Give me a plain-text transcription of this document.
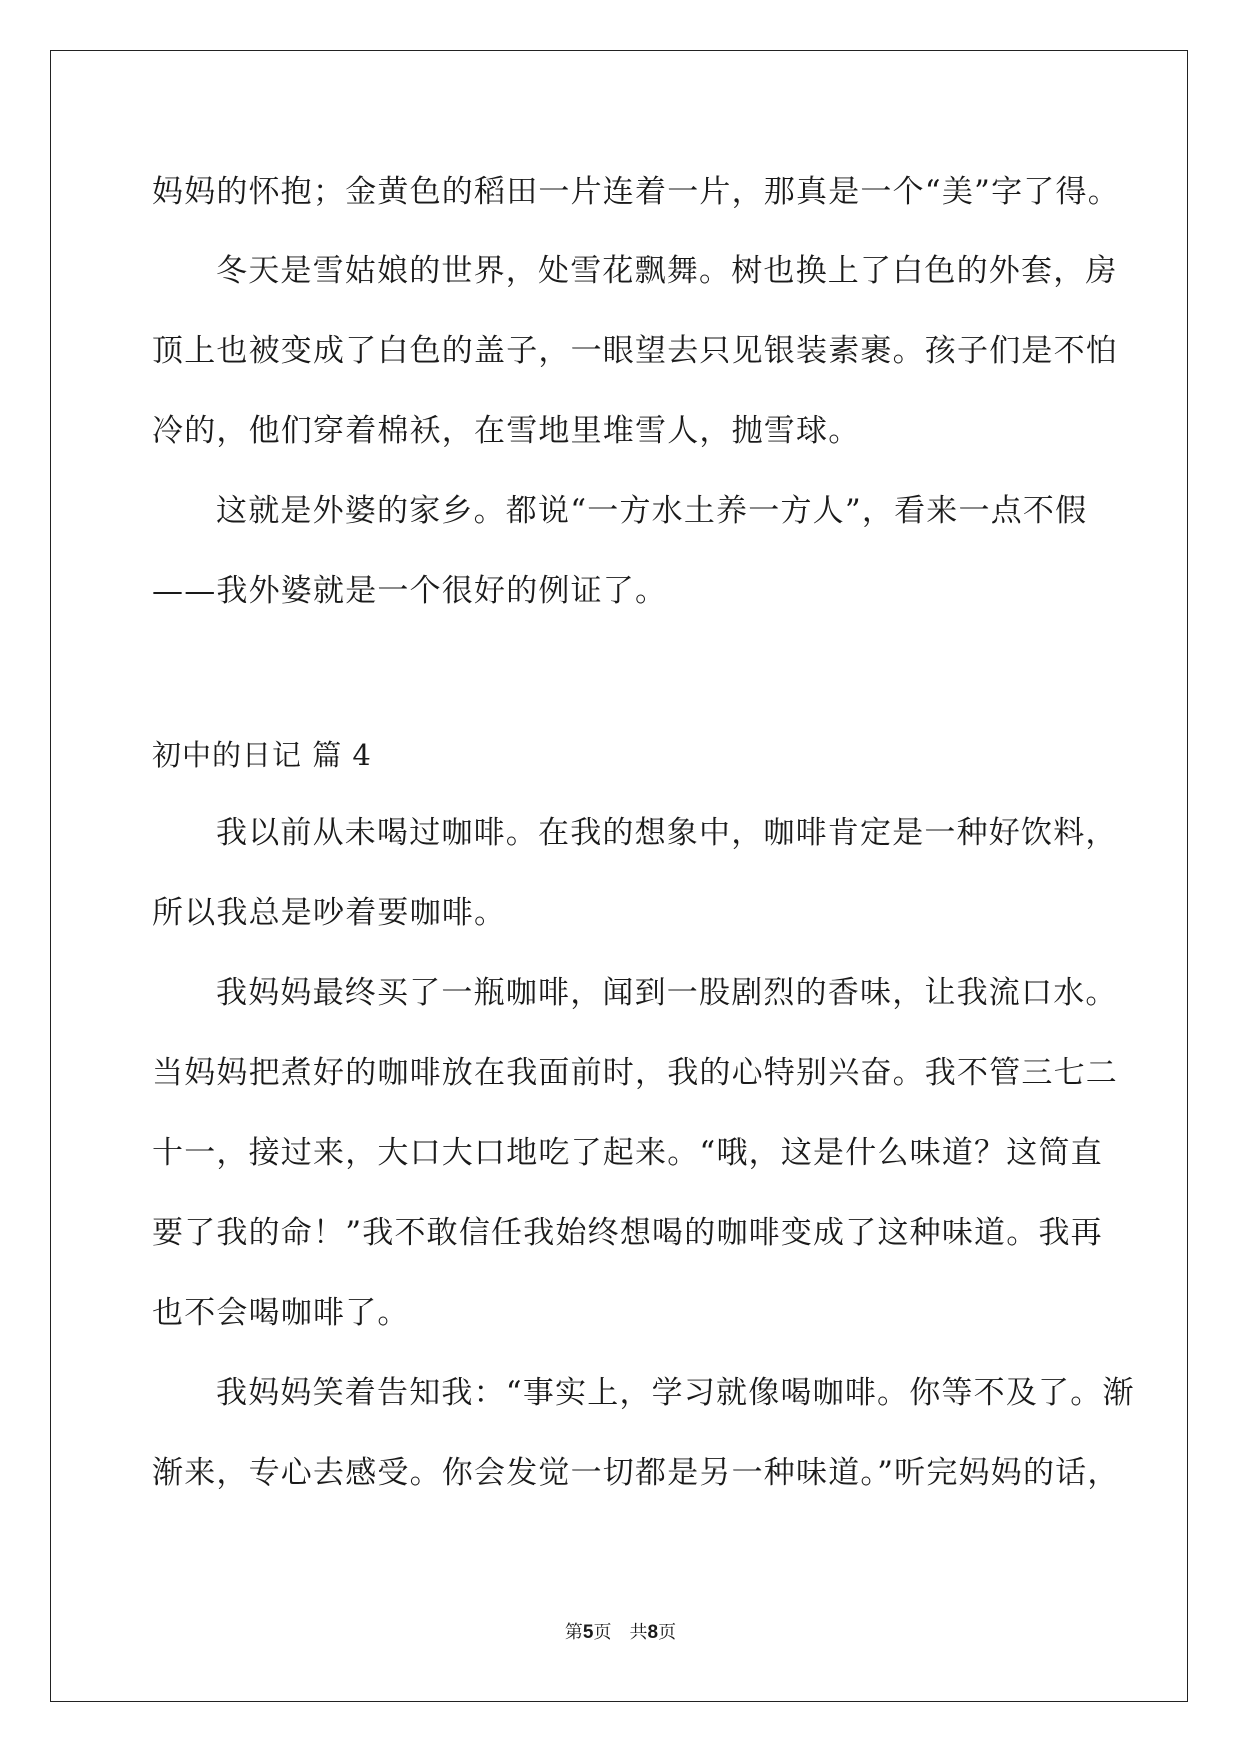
妈妈的怀抱；金黄色的稻田一片连着一片，那真是一个“美”字了得。
冬天是雪姑娘的世界，处雪花飘舞。树也换上了白色的外套，房
顶上也被变成了白色的盖子，一眼望去只见银装素裹。孩子们是不怕
冷的，他们穿着棉袄，在雪地里堆雪人，抛雪球。
这就是外婆的家乡。都说“一方水土养一方人”，看来一点不假
——我外婆就是一个很好的例证了。
初中的日记 篇 4
我以前从未喝过咖啡。在我的想象中，咖啡肯定是一种好饮料，
所以我总是吵着要咖啡。
我妈妈最终买了一瓶咖啡，闻到一股剧烈的香味，让我流口水。
当妈妈把煮好的咖啡放在我面前时，我的心特别兴奋。我不管三七二
十一，接过来，大口大口地吃了起来。“哦，这是什么味道？这简直
要了我的命！”我不敢信任我始终想喝的咖啡变成了这种味道。我再
也不会喝咖啡了。
我妈妈笑着告知我：“事实上，学习就像喝咖啡。你等不及了。渐
渐来，专心去感受。你会发觉一切都是另一种味道。”听完妈妈的话，
第5页　共8页
